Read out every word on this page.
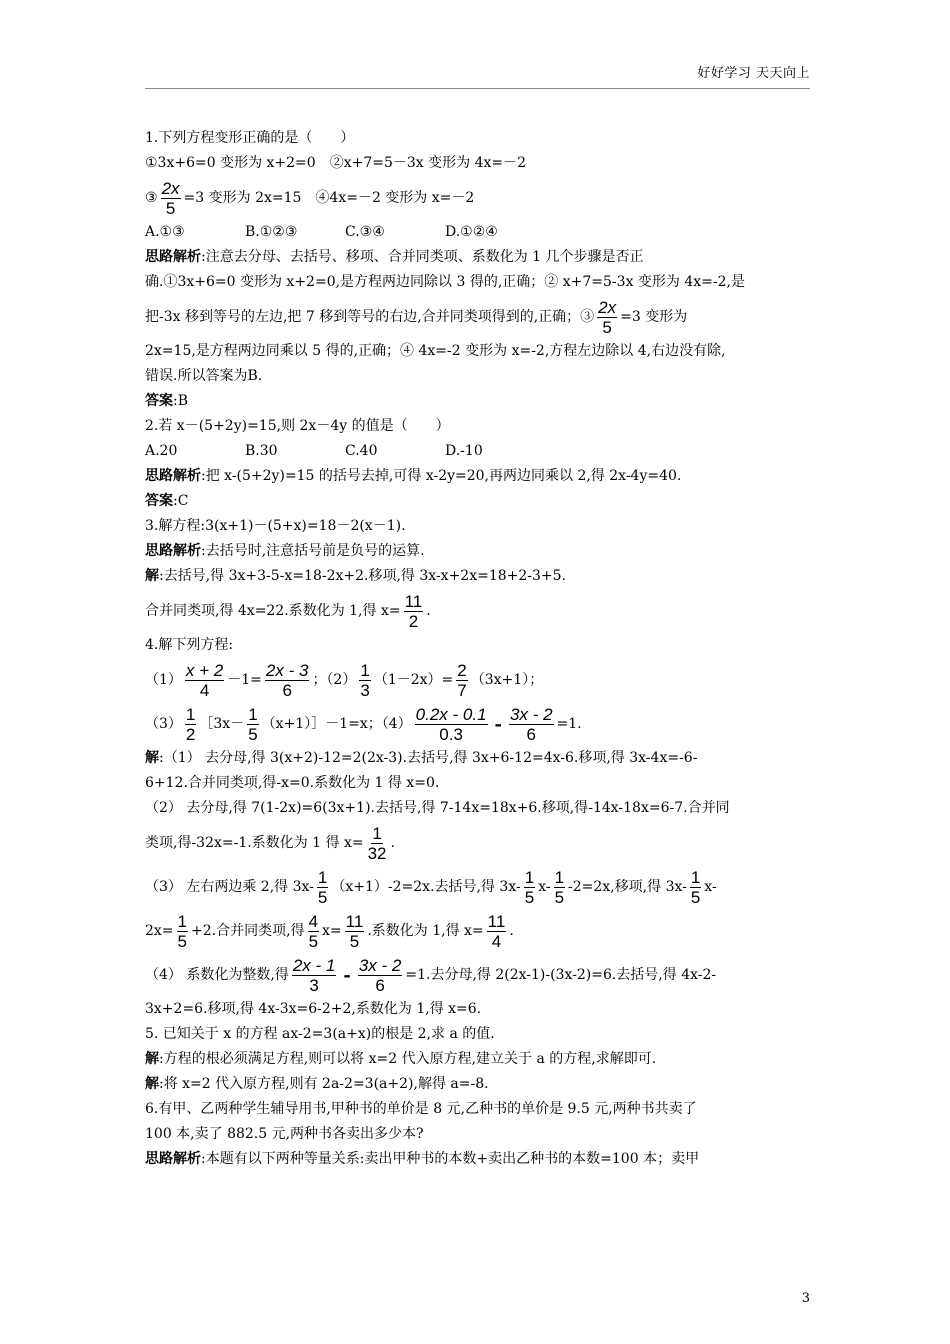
好好学习 天天向上
1.下列方程变形正确的是（　　）
①3x+6=0 变形为 x+2=0　②x+7=5－3x 变形为 4x=－2
③ $\frac{2x}{5} =3$ 变形为 2x=15　④4x=－2 变形为 x=－2
A.①③	B.①②③	C.③④	D.①②④
思路解析:注意去分母、去括号、移项、合并同类项、系数化为 1 几个步骤是否正
确.①3x+6=0 变形为 x+2=0,是方程两边同除以 3 得的,正确；② x+7=5-3x 变形为 4x=-2,是
把-3x 移到等号的左边,把 7 移到等号的右边,合并同类项得到的,正确；③ $\frac{2x}{5} =3$ 变形为
2x=15,是方程两边同乘以 5 得的,正确；④ 4x=-2 变形为 x=-2,方程左边除以 4,右边没有除,
错误.所以答案为B.
答案:B
2.若 x－(5+2y)=15,则 2x－4y 的值是（　　）
A.20	B.30	C.40	D.-10
思路解析:把 x-(5+2y)=15 的括号去掉,可得 x-2y=20,再两边同乘以 2,得 2x-4y=40.
答案:C
3.解方程:3(x+1)－(5+x)=18－2(x－1).
思路解析:去括号时,注意括号前是负号的运算.
解:去括号,得 3x+3-5-x=18-2x+2.移项,得 3x-x+2x=18+2-3+5.
合并同类项,得 4x=22.系数化为 1,得 $x= \frac{11}{2}$ .
4.解下列方程:
$(1) \frac{x + 2}{4} -1= \frac{2x - 3}{6}$ ；$(2) \frac{1}{3} (1-2x)= \frac{2}{7} (3x+1)$；
$(3) \frac{1}{2}$ ［3x－ $\frac{1}{5}$ （x+1）］－1=x；$(4) \frac{0.2x - 0.1}{0.3} - \frac{3x - 2}{6} =1$.
解:（1） 去分母,得 3(x+2)-12=2(2x-3).去括号,得 3x+6-12=4x-6.移项,得 3x-4x=-6-
6+12.合并同类项,得-x=0.系数化为 1 得 x=0.
（2） 去分母,得 7(1-2x)=6(3x+1).去括号,得 7-14x=18x+6.移项,得-14x-18x=6-7.合并同
类项,得-32x=-1.系数化为 1 得 $x= \frac{1}{32}$ .
（3） 左右两边乘 2,得 $3x- \frac{1}{5} (x+1)-2=2x$.去括号,得 $3x- \frac{1}{5} x- \frac{1}{5} -2=2x$,移项,得 $3x- \frac{1}{5} x-$
$2x= \frac{1}{5} +2$.合并同类项,得 $\frac{4}{5} x= \frac{11}{5}$ .系数化为 1,得 $x= \frac{11}{4}$ .
（4） 系数化为整数,得 $\frac{2x - 1}{3} - \frac{3x - 2}{6} =1$.去分母,得 2(2x-1)-(3x-2)=6.去括号,得 4x-2-
3x+2=6.移项,得 4x-3x=6-2+2,系数化为 1,得 x=6.
5. 已知关于 x 的方程 ax-2=3(a+x)的根是 2,求 a 的值.
解:方程的根必须满足方程,则可以将 x=2 代入原方程,建立关于 a 的方程,求解即可.
解:将 x=2 代入原方程,则有 2a-2=3(a+2),解得 a=-8.
6.有甲、乙两种学生辅导用书,甲种书的单价是 8 元,乙种书的单价是 9.5 元,两种书共卖了
100 本,卖了 882.5 元,两种书各卖出多少本?
思路解析:本题有以下两种等量关系:卖出甲种书的本数+卖出乙种书的本数=100 本；卖甲
3
